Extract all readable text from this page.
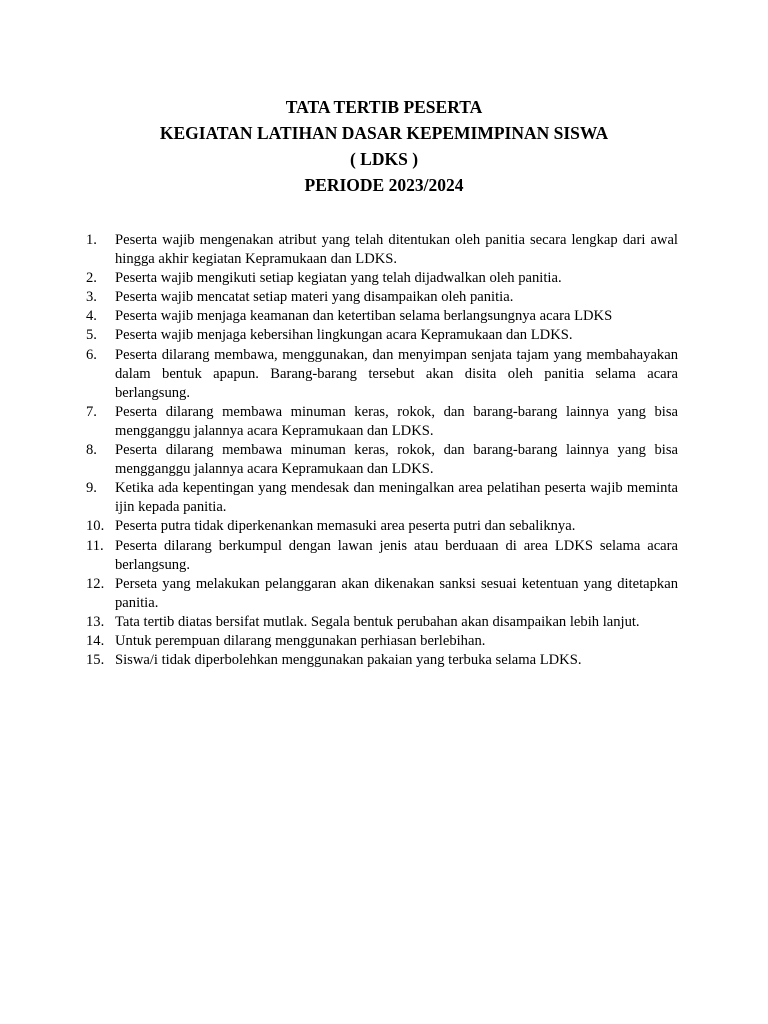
TATA TERTIB PESERTA
KEGIATAN LATIHAN DASAR KEPEMIMPINAN SISWA
( LDKS )
PERIODE 2023/2024
1. Peserta wajib mengenakan atribut yang telah ditentukan oleh panitia secara lengkap dari awal hingga akhir kegiatan Kepramukaan dan LDKS.
2. Peserta wajib mengikuti setiap kegiatan yang telah dijadwalkan oleh panitia.
3. Peserta wajib mencatat setiap materi yang disampaikan oleh panitia.
4. Peserta wajib menjaga keamanan dan ketertiban selama berlangsungnya acara LDKS
5. Peserta wajib menjaga kebersihan lingkungan acara Kepramukaan dan LDKS.
6. Peserta dilarang membawa, menggunakan, dan menyimpan senjata tajam yang membahayakan dalam bentuk apapun. Barang-barang tersebut akan disita oleh panitia selama acara berlangsung.
7. Peserta dilarang membawa minuman keras, rokok, dan barang-barang lainnya yang bisa mengganggu jalannya acara Kepramukaan dan LDKS.
8. Peserta dilarang membawa minuman keras, rokok, dan barang-barang lainnya yang bisa mengganggu jalannya acara Kepramukaan dan LDKS.
9. Ketika ada kepentingan yang mendesak dan meningalkan area pelatihan peserta wajib meminta ijin kepada panitia.
10. Peserta putra tidak diperkenankan memasuki area peserta putri dan sebaliknya.
11. Peserta dilarang berkumpul dengan lawan jenis atau berduaan di area LDKS selama acara berlangsung.
12. Perseta yang melakukan pelanggaran akan dikenakan sanksi sesuai ketentuan yang ditetapkan panitia.
13. Tata tertib diatas bersifat mutlak. Segala bentuk perubahan akan disampaikan lebih lanjut.
14. Untuk perempuan dilarang menggunakan perhiasan berlebihan.
15. Siswa/i tidak diperbolehkan menggunakan pakaian yang terbuka selama LDKS.
